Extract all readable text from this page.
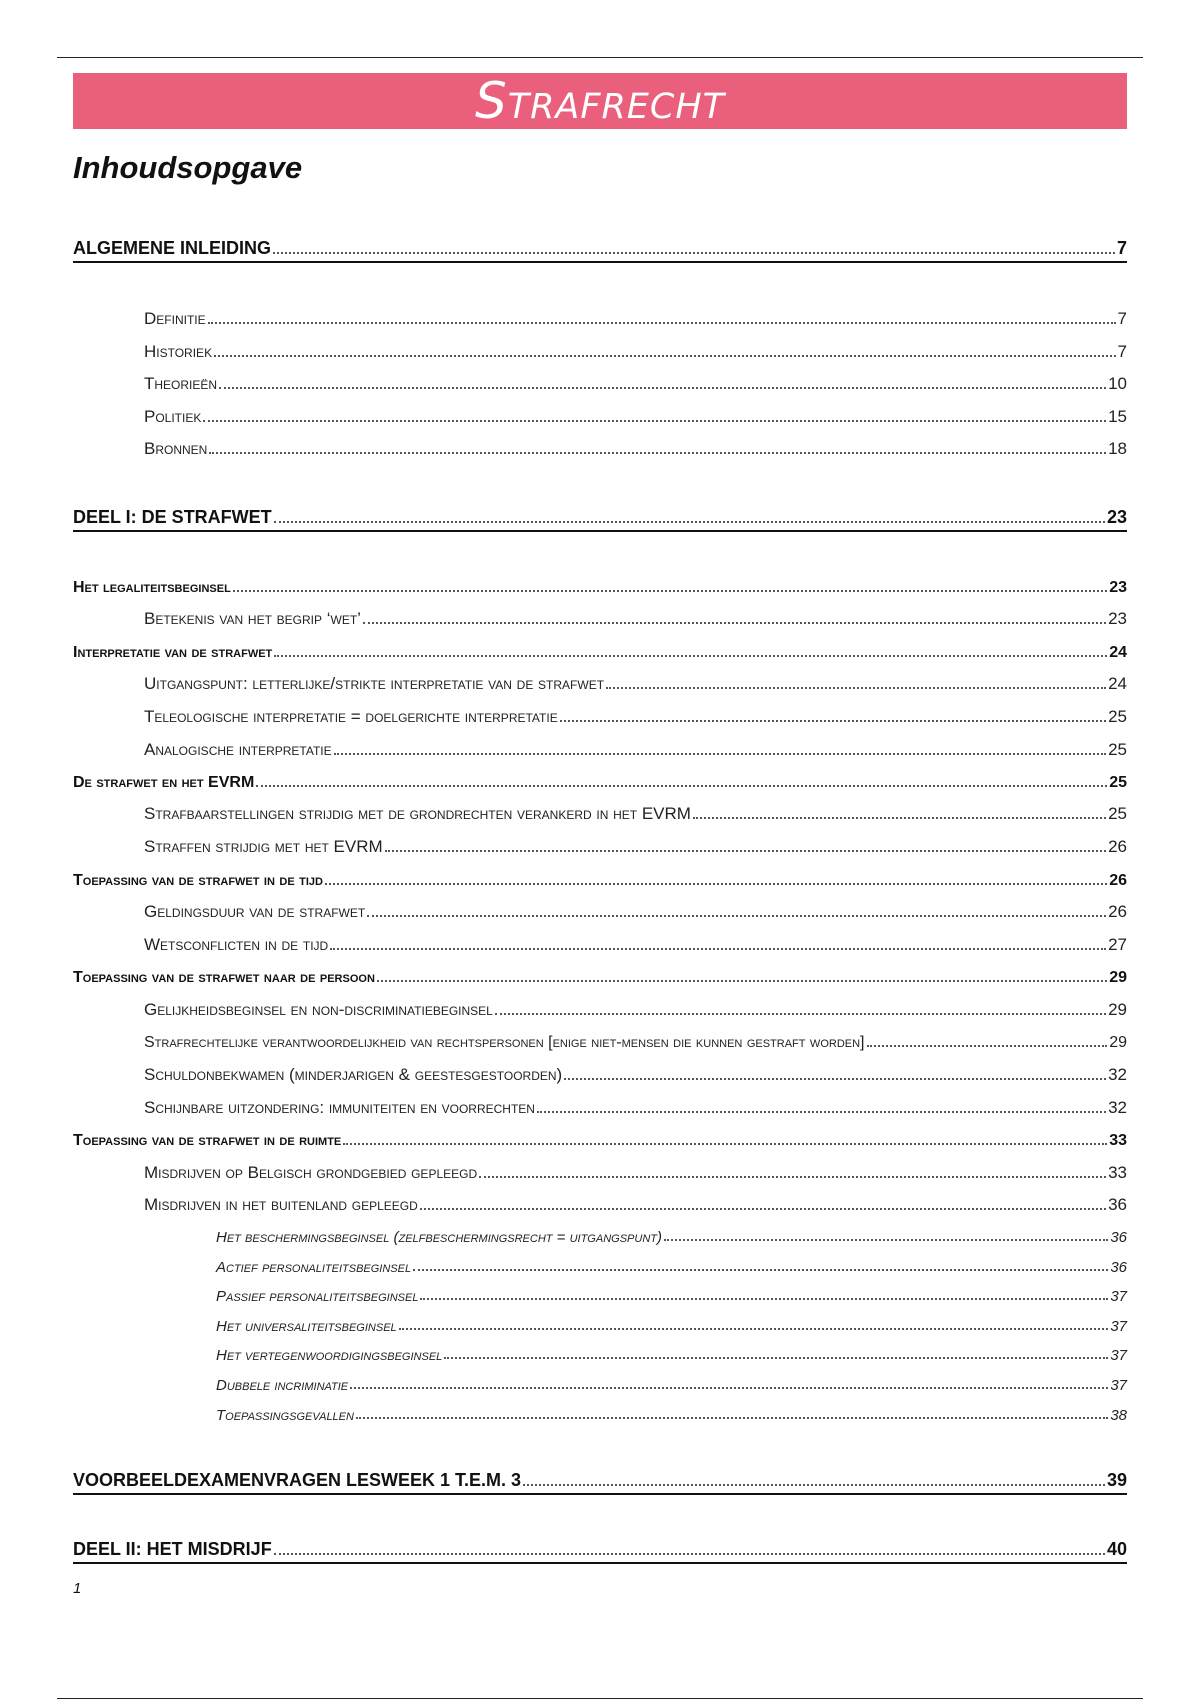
Strafrecht
Inhoudsopgave
ALGEMENE INLEIDING	7
Definitie	7
Historiek	7
Theorieën	10
Politiek	15
Bronnen	18
DEEL I: DE STRAFWET	23
Het legaliteitsbeginsel	23
Betekenis van het begrip ‘wet’	23
Interpretatie van de strafwet	24
Uitgangspunt: letterlijke/strikte interpretatie van de strafwet	24
Teleologische interpretatie = doelgerichte interpretatie	25
Analogische interpretatie	25
De strafwet en het EVRM	25
Strafbaarstellingen strijdig met de grondrechten verankerd in het EVRM	25
Straffen strijdig met het EVRM	26
Toepassing van de strafwet in de tijd	26
Geldingsduur van de strafwet	26
Wetsconflicten in de tijd	27
Toepassing van de strafwet naar de persoon	29
Gelijkheidsbeginsel en non-discriminatiebeginsel	29
Strafrechtelijke verantwoordelijkheid van rechtspersonen [enige niet-mensen die kunnen gestraft worden]	29
Schuldonbekwamen (minderjarigen & geestesgestoorden)	32
Schijnbare uitzondering: immuniteiten en voorrechten	32
Toepassing van de strafwet in de ruimte	33
Misdrijven op Belgisch grondgebied gepleegd	33
Misdrijven in het buitenland gepleegd	36
Het beschermingsbeginsel (zelfbeschermingsrecht = uitgangspunt)	36
Actief personaliteitsbeginsel	36
Passief personaliteitsbeginsel	37
Het universaliteitsbeginsel	37
Het vertegenwoordigingsbeginsel	37
Dubbele incriminatie	37
Toepassingsgevallen	38
VOORBEELDEXAMENVRAGEN LESWEEK 1 T.E.M. 3	39
DEEL II: HET MISDRIJF	40
1
